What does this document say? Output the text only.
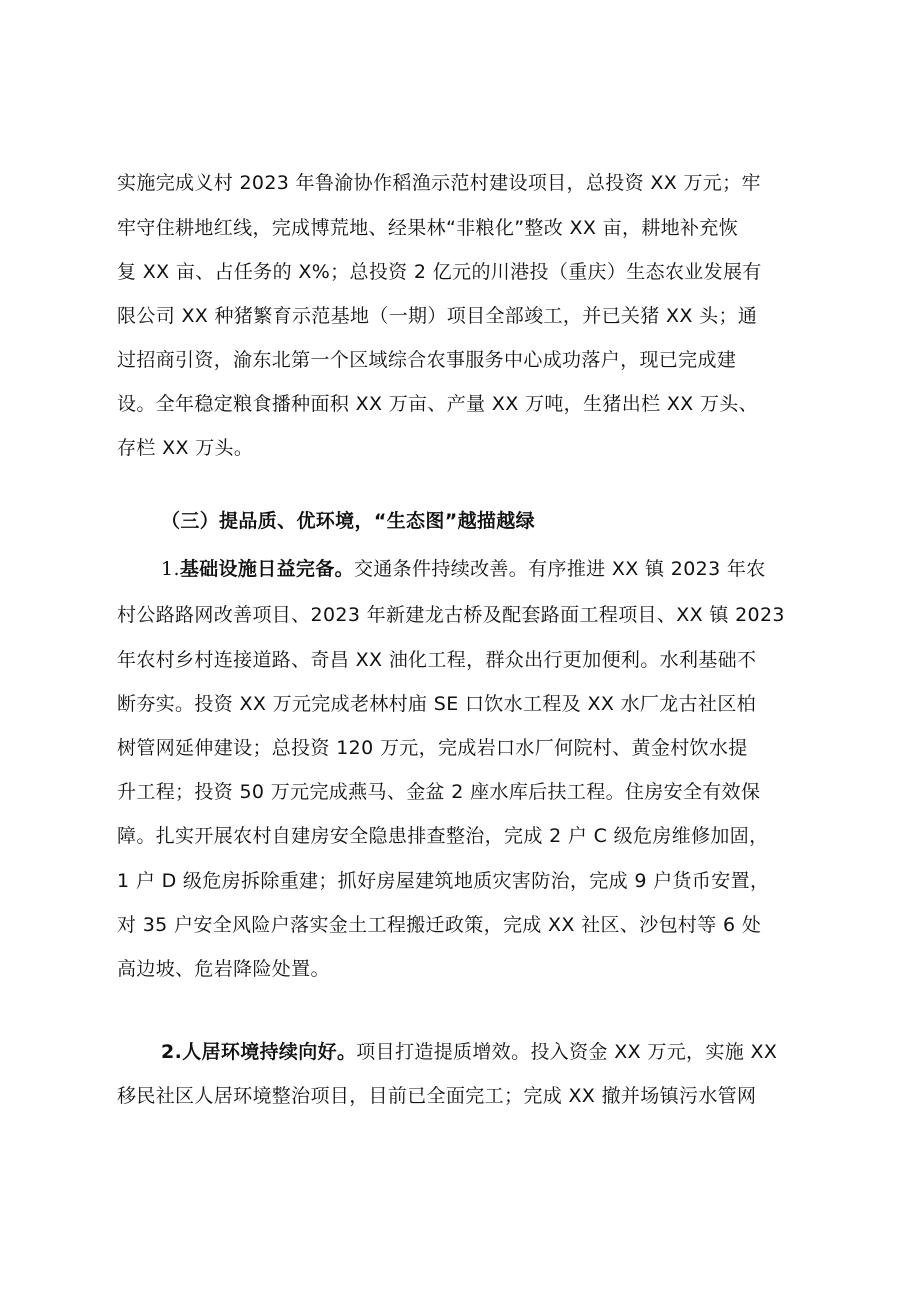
实施完成义村 2023 年鲁渝协作稻渔示范村建设项目，总投资 XX 万元；牢
牢守住耕地红线，完成博荒地、经果林“非粮化”整改 XX 亩，耕地补充恢
复 XX 亩、占任务的 X%；总投资 2 亿元的川港投（重庆）生态农业发展有
限公司 XX 种猪繁育示范基地（一期）项目全部竣工，并已关猪 XX 头；通
过招商引资，渝东北第一个区域综合农事服务中心成功落户，现已完成建
设。全年稳定粮食播种面积 XX 万亩、产量 XX 万吨，生猪出栏 XX 万头、
存栏 XX 万头。
（三）提品质、优环境，“生态图”越描越绿
1.基础设施日益完备。交通条件持续改善。有序推进 XX 镇 2023 年农
村公路路网改善项目、2023 年新建龙古桥及配套路面工程项目、XX 镇 2023
年农村乡村连接道路、奇昌 XX 油化工程，群众出行更加便利。水利基础不
断夯实。投资 XX 万元完成老林村庙 SE 口饮水工程及 XX 水厂龙古社区柏
树管网延伸建设；总投资 120 万元，完成岩口水厂何院村、黄金村饮水提
升工程；投资 50 万元完成燕马、金盆 2 座水库后扶工程。住房安全有效保
障。扎实开展农村自建房安全隐患排查整治，完成 2 户 C 级危房维修加固，
1 户 D 级危房拆除重建；抓好房屋建筑地质灾害防治，完成 9 户货币安置，
对 35 户安全风险户落实金土工程搬迁政策，完成 XX 社区、沙包村等 6 处
高边坡、危岩降险处置。
2.人居环境持续向好。项目打造提质增效。投入资金 XX 万元，实施 XX
移民社区人居环境整治项目，目前已全面完工；完成 XX 撤并场镇污水管网
